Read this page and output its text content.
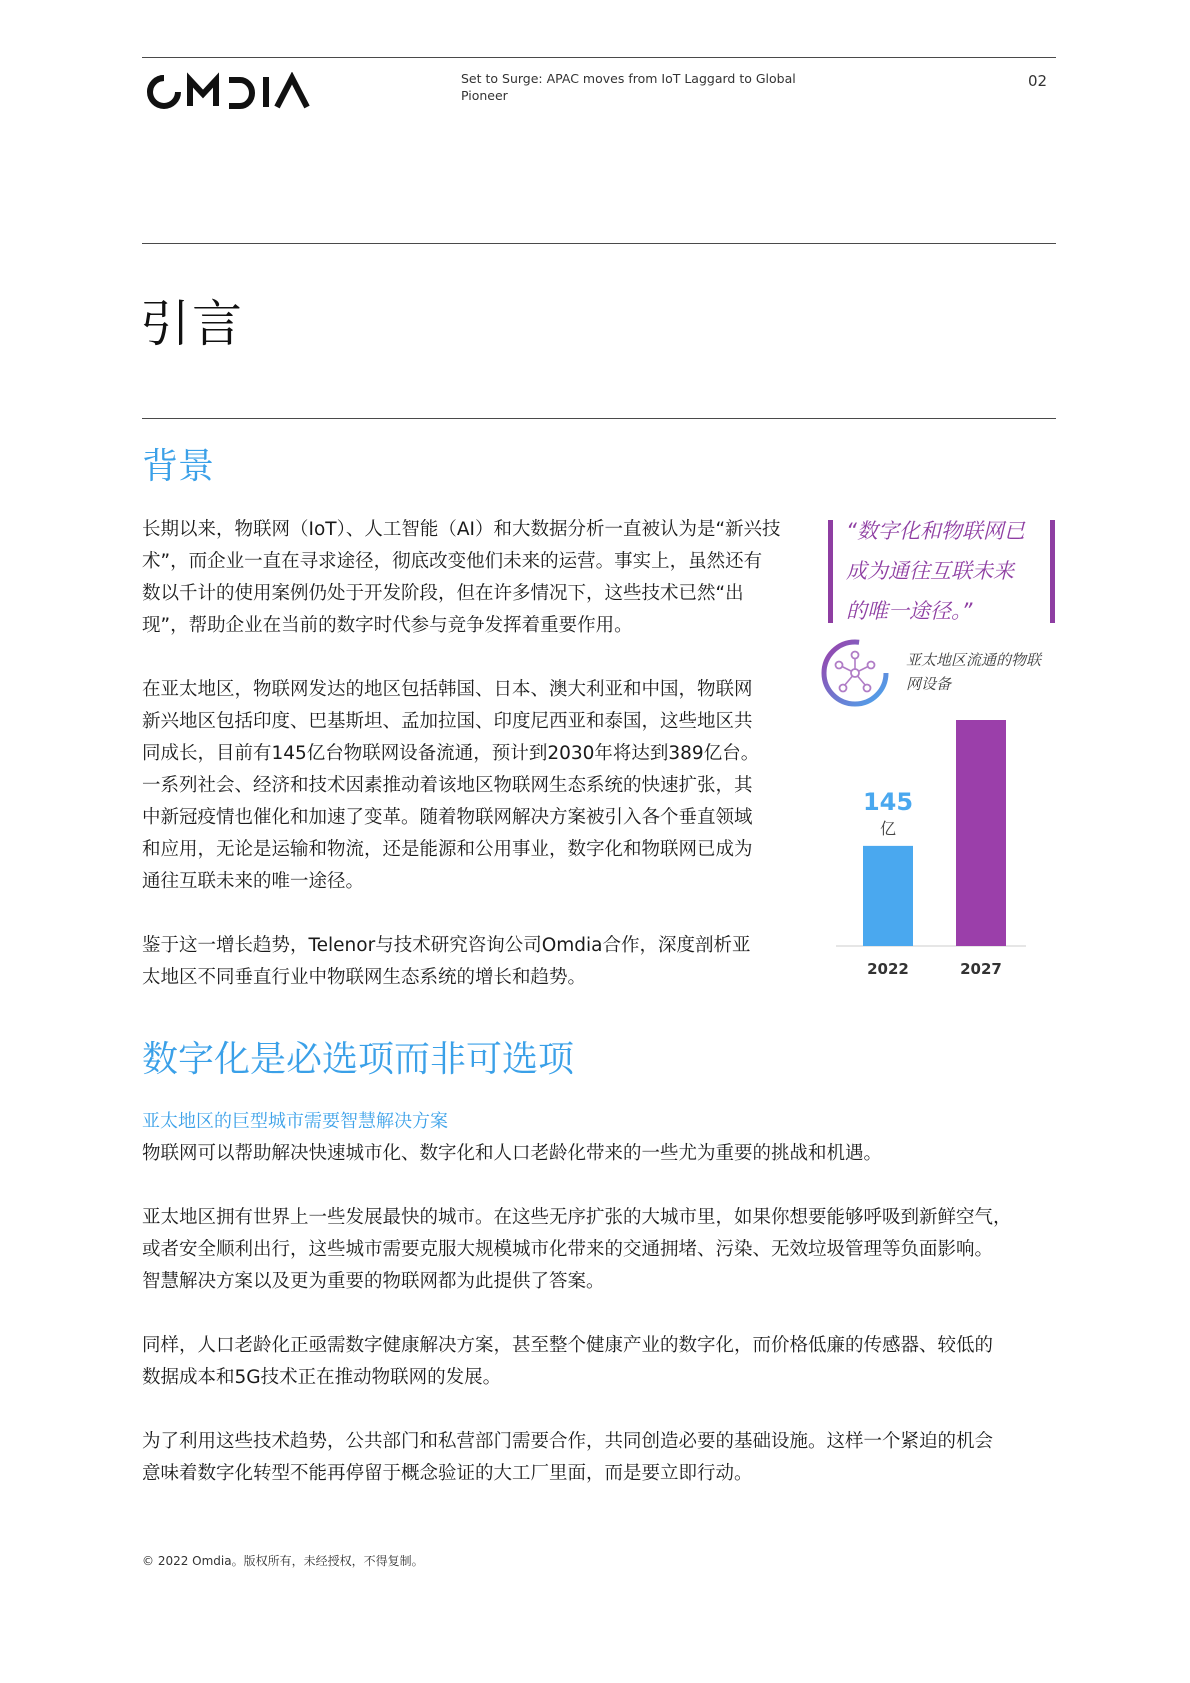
Set to Surge: APAC moves from IoT Laggard to Global Pioneer
02
引言
背景
长期以来，物联网（IoT）、人工智能（AI）和大数据分析一直被认为是“新兴技
术”，而企业一直在寻求途径，彻底改变他们未来的运营。事实上，虽然还有
数以千计的使用案例仍处于开发阶段，但在许多情况下，这些技术已然“出
现”，帮助企业在当前的数字时代参与竞争发挥着重要作用。
在亚太地区，物联网发达的地区包括韩国、日本、澳大利亚和中国，物联网
新兴地区包括印度、巴基斯坦、孟加拉国、印度尼西亚和泰国，这些地区共
同成长，目前有145亿台物联网设备流通，预计到2030年将达到389亿台。
一系列社会、经济和技术因素推动着该地区物联网生态系统的快速扩张，其
中新冠疫情也催化和加速了变革。随着物联网解决方案被引入各个垂直领域
和应用，无论是运输和物流，还是能源和公用事业，数字化和物联网已成为
通往互联未来的唯一途径。
鉴于这一增长趋势，Telenor与技术研究咨询公司Omdia合作，深度剖析亚
太地区不同垂直行业中物联网生态系统的增长和趋势。
“数字化和物联网已
成为通往互联未来
的唯一途径。”
亚太地区流通的物联
网设备
亿
145
2022	2027
数字化是必选项而非可选项
亚太地区的巨型城市需要智慧解决方案
物联网可以帮助解决快速城市化、数字化和人口老龄化带来的一些尤为重要的挑战和机遇。
亚太地区拥有世界上一些发展最快的城市。在这些无序扩张的大城市里，如果你想要能够呼吸到新鲜空气，
或者安全顺利出行，这些城市需要克服大规模城市化带来的交通拥堵、污染、无效垃圾管理等负面影响。
智慧解决方案以及更为重要的物联网都为此提供了答案。
同样，人口老龄化正亟需数字健康解决方案，甚至整个健康产业的数字化，而价格低廉的传感器、较低的
数据成本和5G技术正在推动物联网的发展。
为了利用这些技术趋势，公共部门和私营部门需要合作，共同创造必要的基础设施。这样一个紧迫的机会
意味着数字化转型不能再停留于概念验证的大工厂里面，而是要立即行动。
© 2022 Omdia。版权所有，未经授权，不得复制。
